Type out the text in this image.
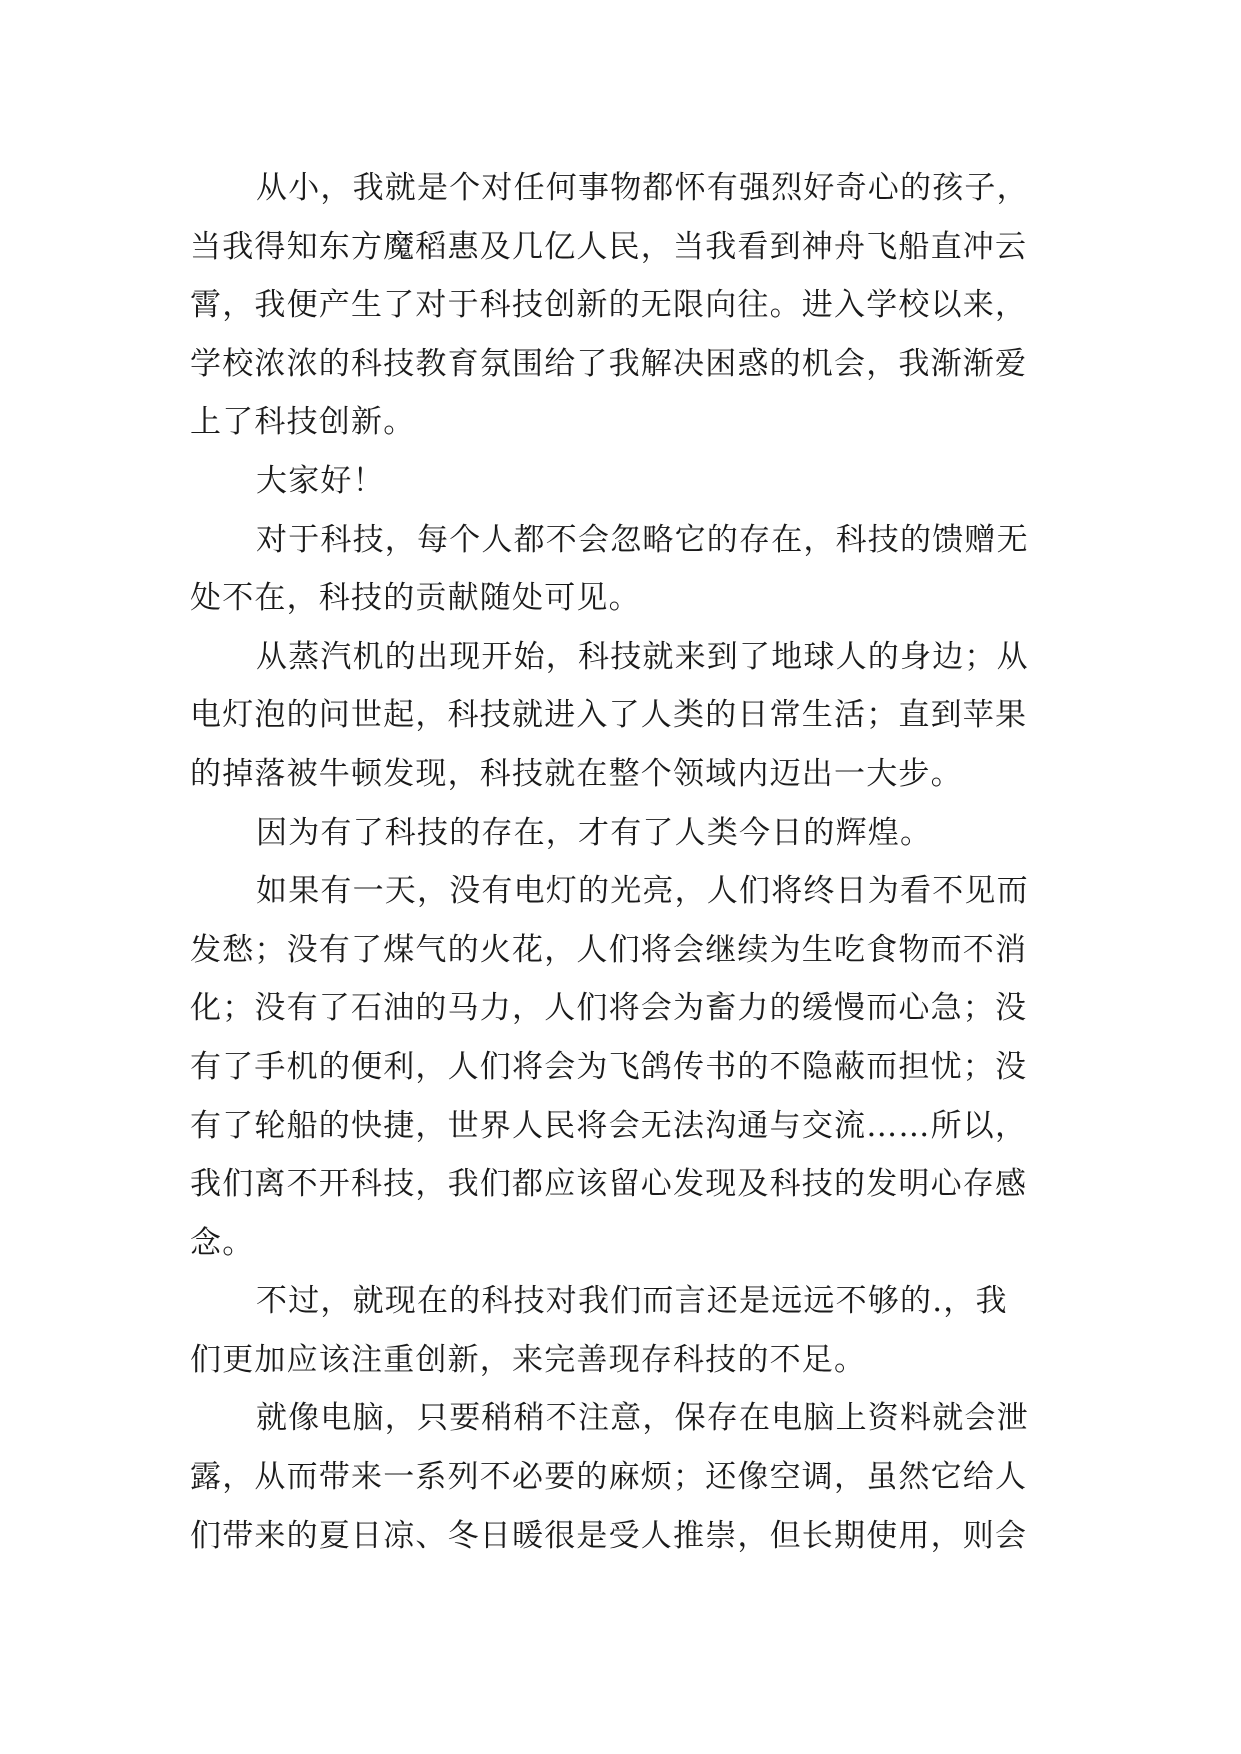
从小，我就是个对任何事物都怀有强烈好奇心的孩子，
当我得知东方魔稻惠及几亿人民，当我看到神舟飞船直冲云
霄，我便产生了对于科技创新的无限向往。进入学校以来，
学校浓浓的科技教育氛围给了我解决困惑的机会，我渐渐爱
上了科技创新。
大家好！
对于科技，每个人都不会忽略它的存在，科技的馈赠无
处不在，科技的贡献随处可见。
从蒸汽机的出现开始，科技就来到了地球人的身边；从
电灯泡的问世起，科技就进入了人类的日常生活；直到苹果
的掉落被牛顿发现，科技就在整个领域内迈出一大步。
因为有了科技的存在，才有了人类今日的辉煌。
如果有一天，没有电灯的光亮，人们将终日为看不见而
发愁；没有了煤气的火花，人们将会继续为生吃食物而不消
化；没有了石油的马力，人们将会为畜力的缓慢而心急；没
有了手机的便利，人们将会为飞鸽传书的不隐蔽而担忧；没
有了轮船的快捷，世界人民将会无法沟通与交流……所以，
我们离不开科技，我们都应该留心发现及科技的发明心存感
念。
不过，就现在的科技对我们而言还是远远不够的.，我
们更加应该注重创新，来完善现存科技的不足。
就像电脑，只要稍稍不注意，保存在电脑上资料就会泄
露，从而带来一系列不必要的麻烦；还像空调，虽然它给人
们带来的夏日凉、冬日暖很是受人推崇，但长期使用，则会
